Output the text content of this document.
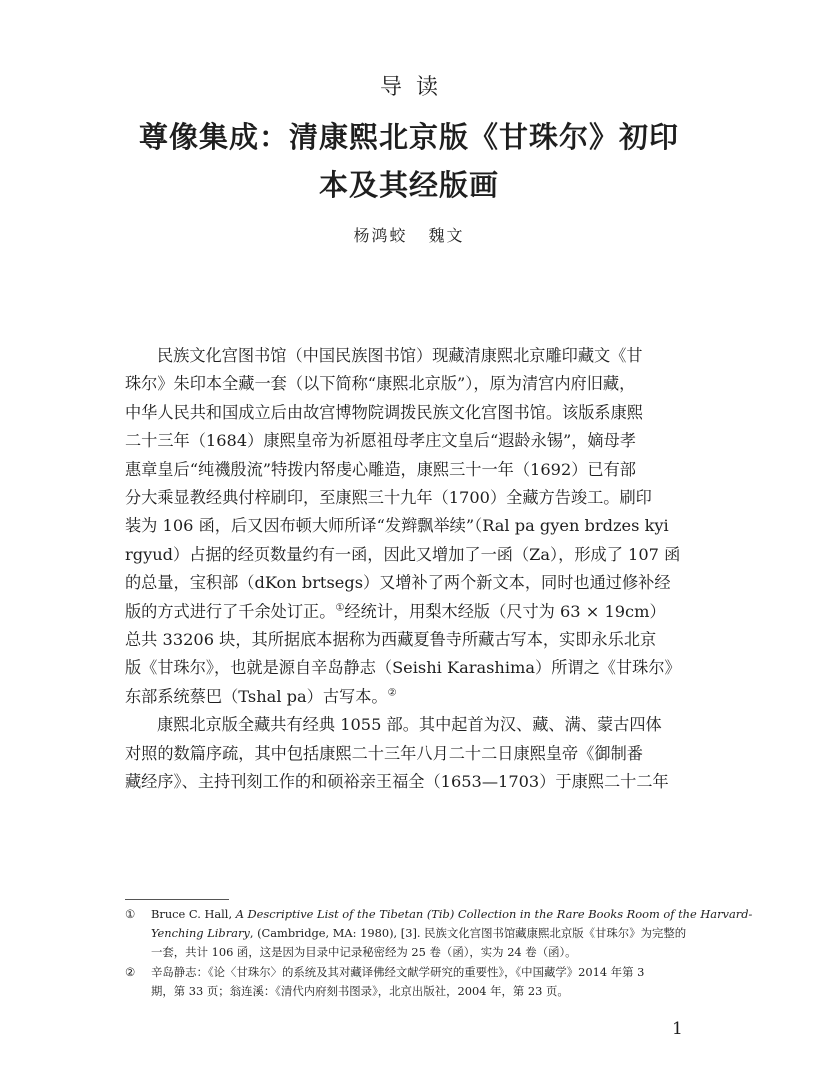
导读
尊像集成：清康熙北京版《甘珠尔》初印
本及其经版画
杨鸿蛟 魏文
民族文化宫图书馆（中国民族图书馆）现藏清康熙北京雕印藏文《甘
珠尔》朱印本全藏一套（以下简称“康熙北京版”），原为清宫内府旧藏，
中华人民共和国成立后由故宫博物院调拨民族文化宫图书馆。该版系康熙
二十三年（1684）康熙皇帝为祈愿祖母孝庄文皇后“遐龄永锡”，嫡母孝
惠章皇后“纯禨殷流”特拨内帑虔心雕造，康熙三十一年（1692）已有部
分大乘显教经典付梓刷印，至康熙三十九年（1700）全藏方告竣工。刷印
装为 106 函，后又因布顿大师所译“发辫飘举续”（Ral pa gyen brdzes kyi
rgyud）占据的经页数量约有一函，因此又增加了一函（Za），形成了 107 函
的总量，宝积部（dKon brtsegs）又增补了两个新文本，同时也通过修补经
版的方式进行了千余处订正。①经统计，用梨木经版（尺寸为 63 × 19cm）
总共 33206 块，其所据底本据称为西藏夏鲁寺所藏古写本，实即永乐北京
版《甘珠尔》，也就是源自辛岛静志（Seishi Karashima）所谓之《甘珠尔》
东部系统蔡巴（Tshal pa）古写本。②
康熙北京版全藏共有经典 1055 部。其中起首为汉、藏、满、蒙古四体
对照的数篇序疏，其中包括康熙二十三年八月二十二日康熙皇帝《御制番
藏经序》、主持刊刻工作的和硕裕亲王福全（1653—1703）于康熙二十二年
① Bruce C. Hall, A Descriptive List of the Tibetan (Tib) Collection in the Rare Books Room of the Harvard-
Yenching Library, (Cambridge, MA: 1980), [3]. 民族文化宫图书馆藏康熙北京版《甘珠尔》为完整的
一套，共计 106 函，这是因为目录中记录秘密经为 25 卷（函），实为 24 卷（函）。
② 辛岛静志：《论〈甘珠尔〉的系统及其对藏译佛经文献学研究的重要性》，《中国藏学》2014 年第 3
期，第 33 页；翁连溪：《清代内府刻书图录》，北京出版社，2004 年，第 23 页。
1
